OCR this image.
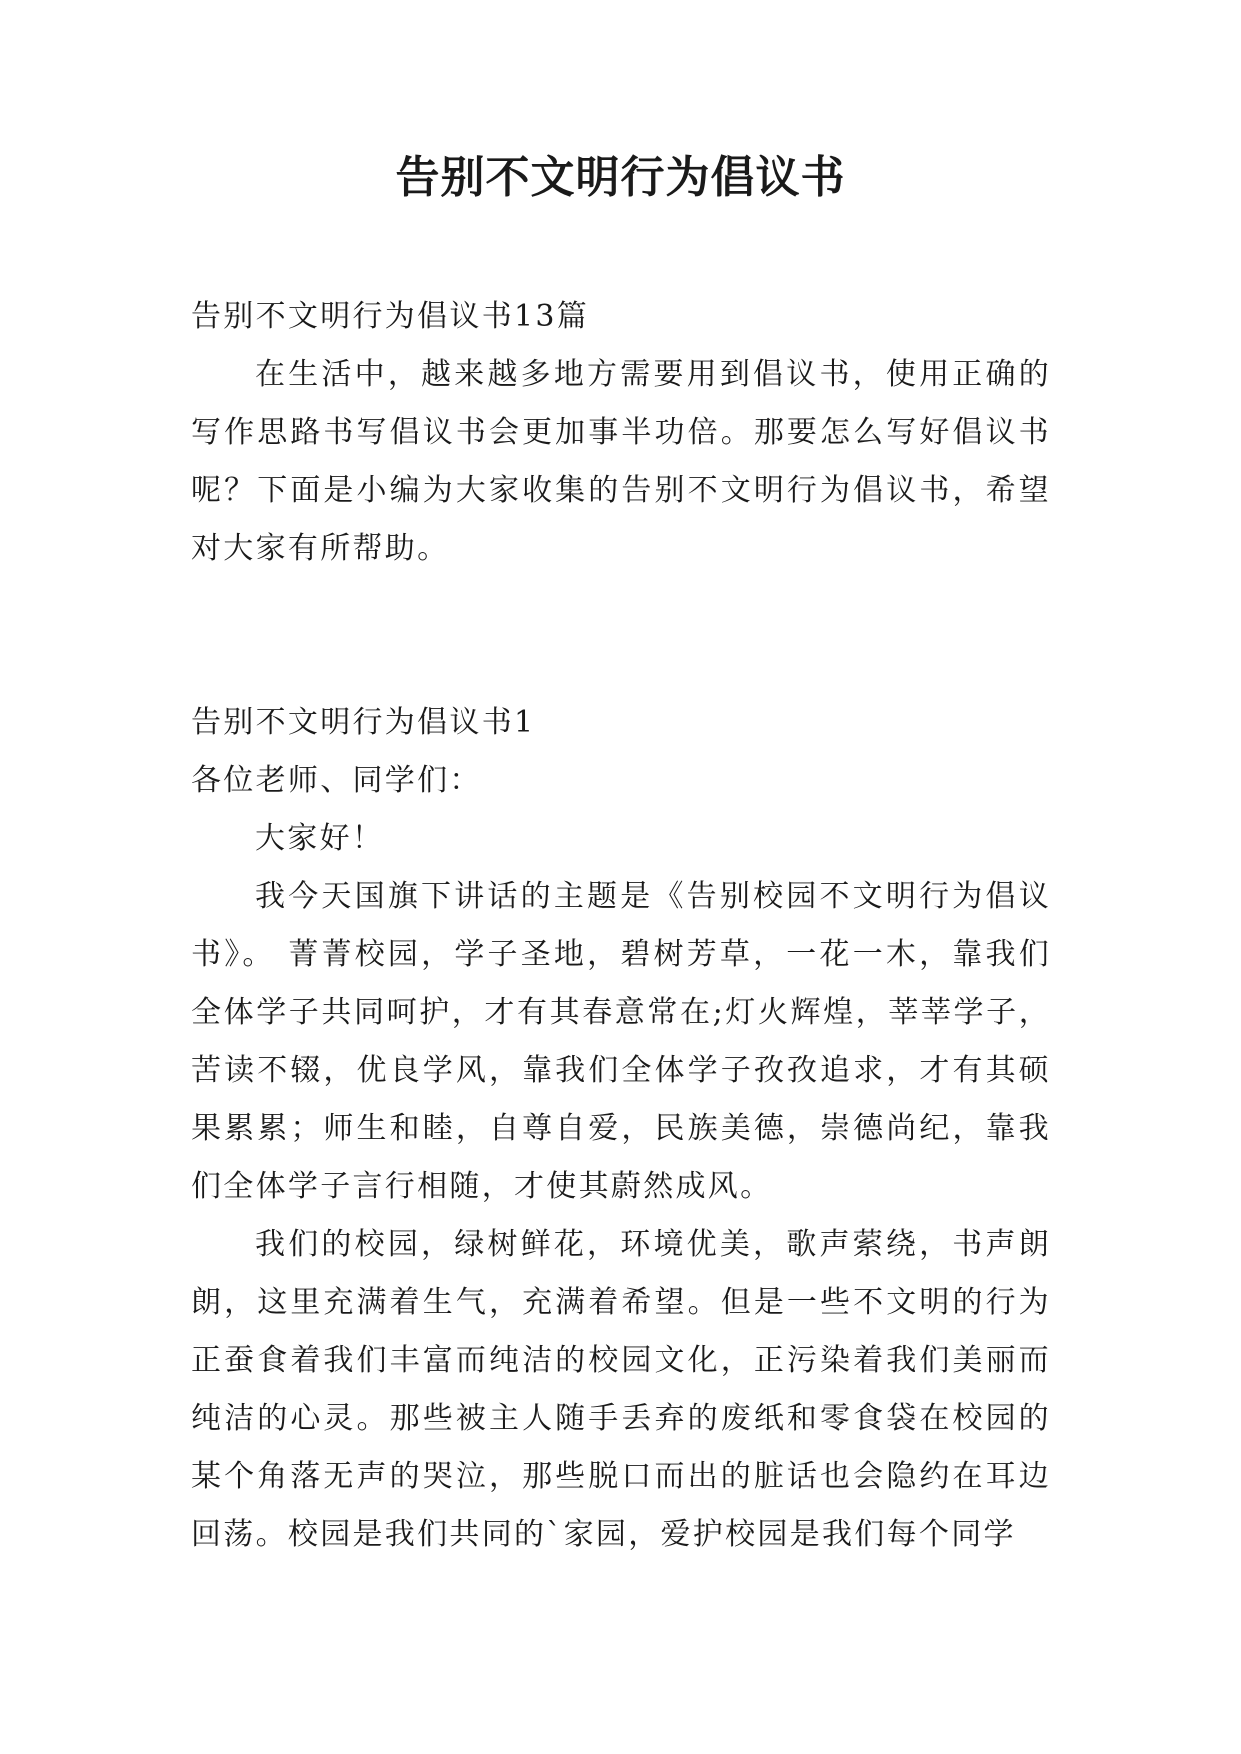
告别不文明行为倡议书

告别不文明行为倡议书13篇

在生活中，越来越多地方需要用到倡议书，使用正确的写作思路书写倡议书会更加事半功倍。那要怎么写好倡议书呢？下面是小编为大家收集的告别不文明行为倡议书，希望对大家有所帮助。

告别不文明行为倡议书1

各位老师、同学们：

大家好！

我今天国旗下讲话的主题是《告别校园不文明行为倡议书》。 菁菁校园，学子圣地，碧树芳草，一花一木，靠我们全体学子共同呵护，才有其春意常在;灯火辉煌，莘莘学子，苦读不辍，优良学风，靠我们全体学子孜孜追求，才有其硕果累累；师生和睦，自尊自爱，民族美德，崇德尚纪，靠我们全体学子言行相随，才使其蔚然成风。

我们的校园，绿树鲜花，环境优美，歌声萦绕，书声朗朗，这里充满着生气，充满着希望。但是一些不文明的行为正蚕食着我们丰富而纯洁的校园文化，正污染着我们美丽而纯洁的心灵。那些被主人随手丢弃的废纸和零食袋在校园的某个角落无声的哭泣，那些脱口而出的脏话也会隐约在耳边回荡。校园是我们共同的`家园，爱护校园是我们每个同学
